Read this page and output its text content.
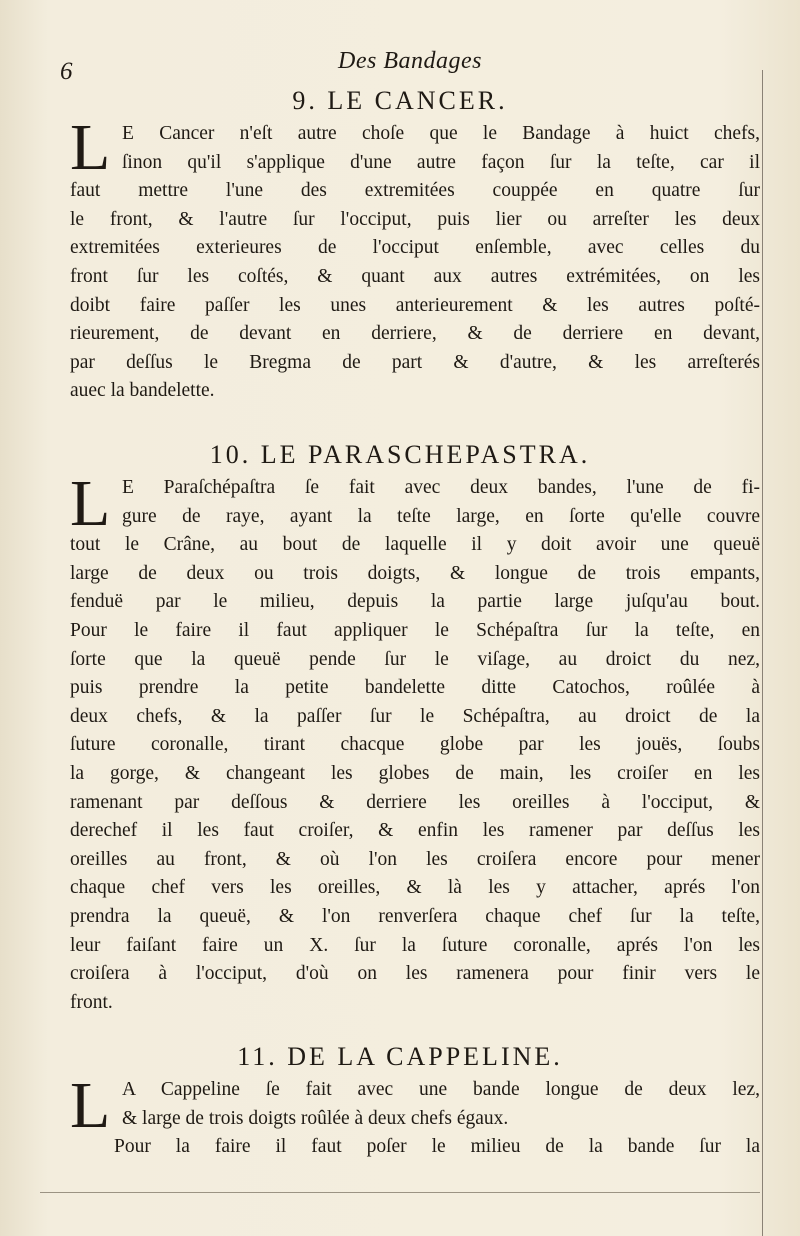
6	Des Bandages
9. LE CANCER.
L E Cancer n'eſt autre choſe que le Bandage à huict chefs,
ſinon qu'il s'applique d'une autre façon ſur la teſte, car il
faut mettre l'une des extremitées couppée en quatre ſur
le front, & l'autre ſur l'occiput, puis lier ou arreſter les deux
extremitées exterieures de l'occiput enſemble, avec celles du
front ſur les coſtés, & quant aux autres extrémitées, on les
doibt faire paſſer les unes anterieurement & les autres poſté-
rieurement, de devant en derriere, & de derriere en devant,
par deſſus le Bregma de part & d'autre, & les arreſterés
auec la bandelette.
10. LE PARASCHEPASTRA.
L E Paraſchépaſtra ſe fait avec deux bandes, l'une de fi-
gure de raye, ayant la teſte large, en ſorte qu'elle couvre
tout le Crâne, au bout de laquelle il y doit avoir une queuë
large de deux ou trois doigts, & longue de trois empants,
fenduë par le milieu, depuis la partie large juſqu'au bout.
Pour le faire il faut appliquer le Schépaſtra ſur la teſte, en
ſorte que la queuë pende ſur le viſage, au droict du nez,
puis prendre la petite bandelette ditte Catochos, roûlée à
deux chefs, & la paſſer ſur le Schépaſtra, au droict de la
ſuture coronalle, tirant chacque globe par les jouës, ſoubs
la gorge, & changeant les globes de main, les croiſer en les
ramenant par deſſous & derriere les oreilles à l'occiput, &
derechef il les faut croiſer, & enfin les ramener par deſſus les
oreilles au front, & où l'on les croiſera encore pour mener
chaque chef vers les oreilles, & là les y attacher, aprés l'on
prendra la queuë, & l'on renverſera chaque chef ſur la teſte,
leur faiſant faire un X. ſur la ſuture coronalle, aprés l'on les
croiſera à l'occiput, d'où on les ramenera pour finir vers le
front.
11. DE LA CAPPELINE.
L A Cappeline ſe fait avec une bande longue de deux lez,
& large de trois doigts roûlée à deux chefs égaux.
Pour la faire il faut poſer le milieu de la bande ſur la
